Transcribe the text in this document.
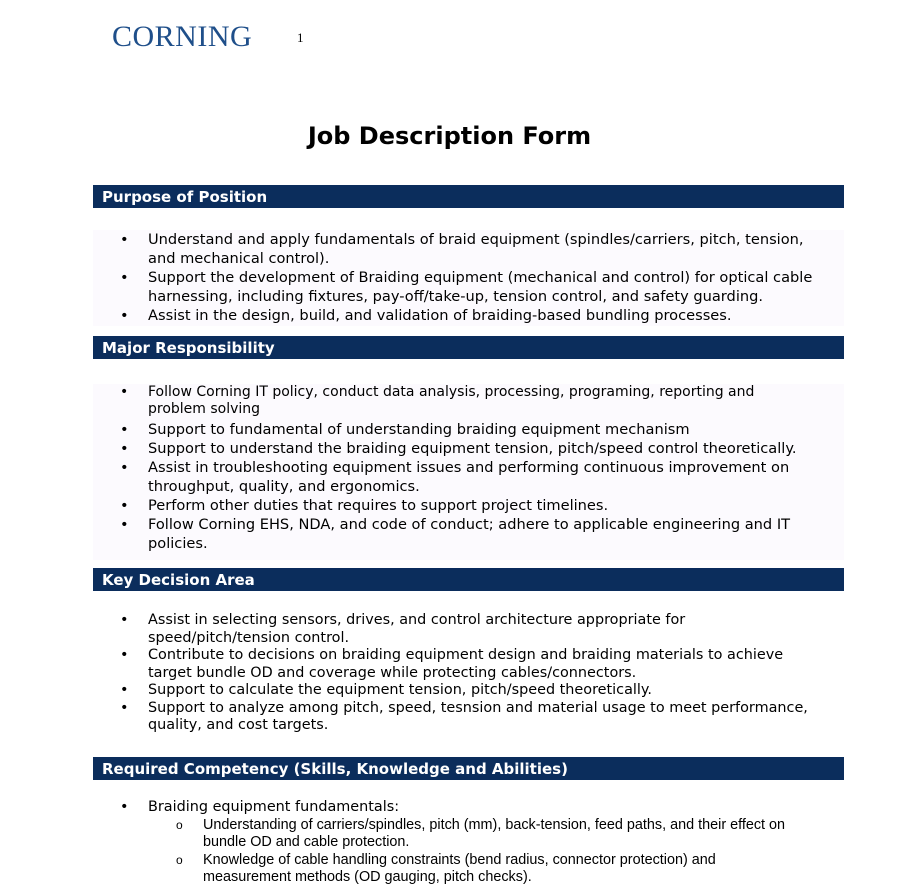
CORNING	1
Job Description Form
Purpose of Position
• Understand and apply fundamentals of braid equipment (spindles/carriers, pitch, tension, and mechanical control).
• Support the development of Braiding equipment (mechanical and control) for optical cable harnessing, including fixtures, pay-off/take-up, tension control, and safety guarding.
• Assist in the design, build, and validation of braiding-based bundling processes.
Major Responsibility
• Follow Corning IT policy, conduct data analysis, processing, programing, reporting and problem solving
• Support to fundamental of understanding braiding equipment mechanism
• Support to understand the braiding equipment tension, pitch/speed control theoretically.
• Assist in troubleshooting equipment issues and performing continuous improvement on throughput, quality, and ergonomics.
• Perform other duties that requires to support project timelines.
• Follow Corning EHS, NDA, and code of conduct; adhere to applicable engineering and IT policies.
Key Decision Area
• Assist in selecting sensors, drives, and control architecture appropriate for speed/pitch/tension control.
• Contribute to decisions on braiding equipment design and braiding materials to achieve target bundle OD and coverage while protecting cables/connectors.
• Support to calculate the equipment tension, pitch/speed theoretically.
• Support to analyze among pitch, speed, tesnsion and material usage to meet performance, quality, and cost targets.
Required Competency (Skills, Knowledge and Abilities)
• Braiding equipment fundamentals:
o Understanding of carriers/spindles, pitch (mm), back-tension, feed paths, and their effect on bundle OD and cable protection.
o Knowledge of cable handling constraints (bend radius, connector protection) and measurement methods (OD gauging, pitch checks).
